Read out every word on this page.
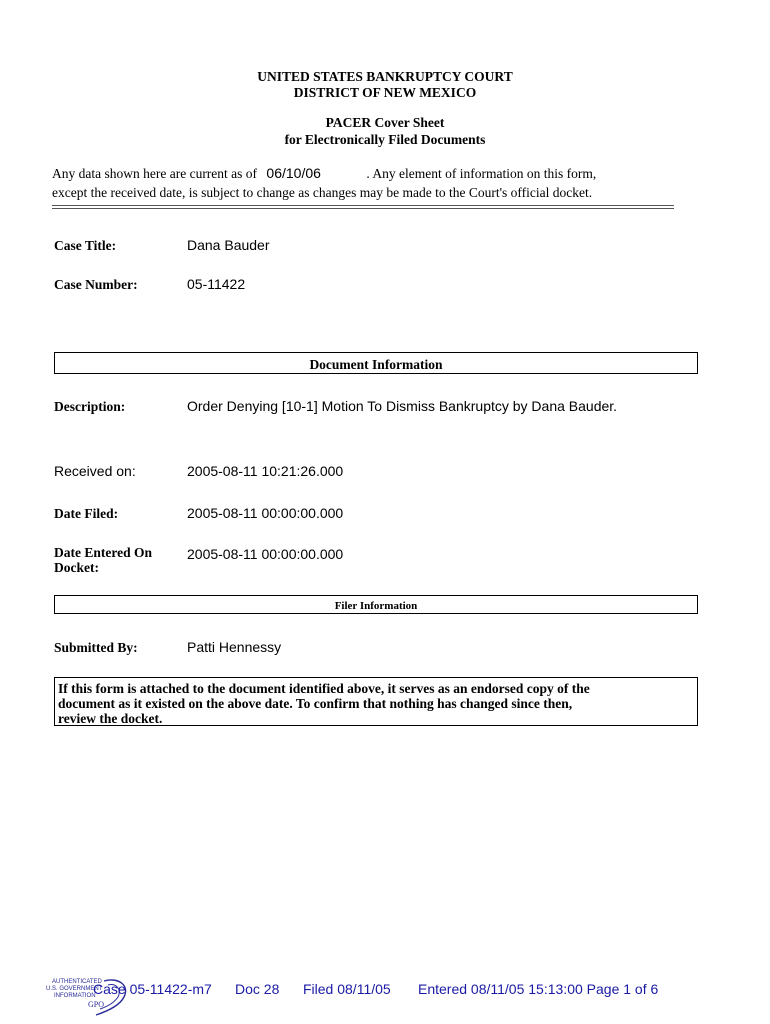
UNITED STATES BANKRUPTCY COURT
DISTRICT OF NEW MEXICO
PACER Cover Sheet
for Electronically Filed Documents
Any data shown here are current as of 06/10/06	. Any element of information on this form,
except the received date, is subject to change as changes may be made to the Court's official docket.
Case Title:	Dana Bauder
Case Number:	05-11422
Document Information
Description:	Order Denying [10-1] Motion To Dismiss Bankruptcy by Dana Bauder.
Received on:	2005-08-11 10:21:26.000
Date Filed:	2005-08-11 00:00:00.000
Date Entered On
Docket:
2005-08-11 00:00:00.000
Filer Information
Submitted By:	Patti Hennessy
If this form is attached to the document identified above, it serves as an endorsed copy of the
document as it existed on the above date. To confirm that nothing has changed since then,
review the docket.
AUTHENTICATED
U.S. GOVERNMENT
INFORMATION
GPO
Case 05-11422-m7 Doc 28 Filed 08/11/05 Entered 08/11/05 15:13:00 Page 1 of 6
